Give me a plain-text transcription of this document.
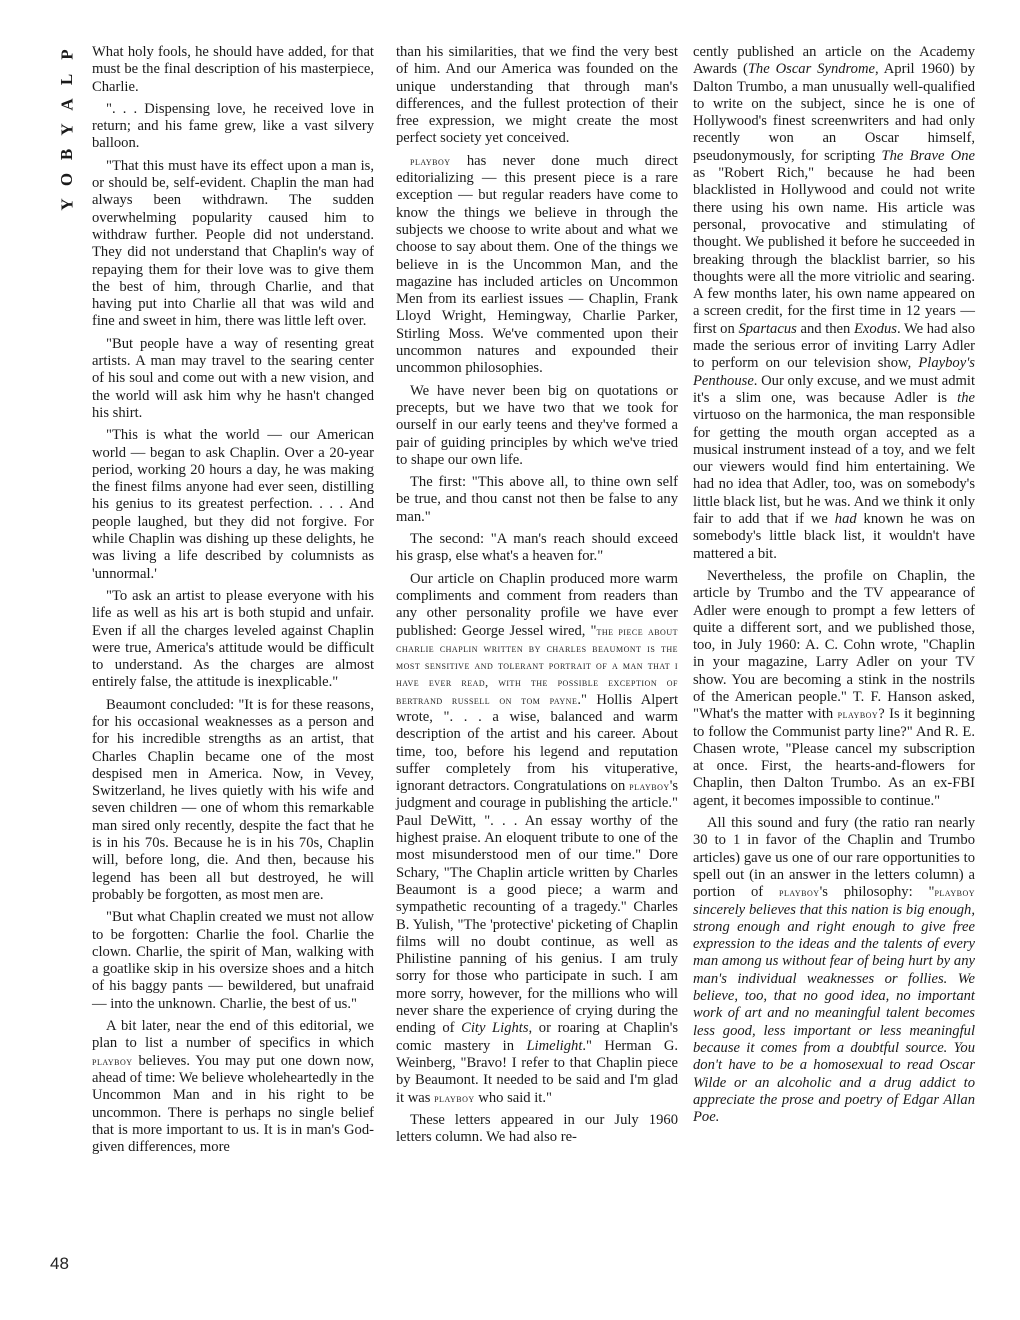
P
L
A
Y
B
O
Y
48

What holy fools, he should have added, for that must be the final description of his masterpiece, Charlie.

". . . Dispensing love, he received love in return; and his fame grew, like a vast silvery balloon.

"That this must have its effect upon a man is, or should be, self-evident. Chaplin the man had always been withdrawn. The sudden overwhelming popularity caused him to withdraw further. People did not understand. They did not understand that Chaplin's way of repaying them for their love was to give them the best of him, through Charlie, and that having put into Charlie all that was wild and fine and sweet in him, there was little left over.

"But people have a way of resenting great artists. A man may travel to the searing center of his soul and come out with a new vision, and the world will ask him why he hasn't changed his shirt.

"This is what the world — our American world — began to ask Chaplin. Over a 20-year period, working 20 hours a day, he was making the finest films anyone had ever seen, distilling his genius to its greatest perfection. . . . And people laughed, but they did not forgive. For while Chaplin was dishing up these delights, he was living a life described by columnists as 'unnormal.'

"To ask an artist to please everyone with his life as well as his art is both stupid and unfair. Even if all the charges leveled against Chaplin were true, America's attitude would be difficult to understand. As the charges are almost entirely false, the attitude is inexplicable."

Beaumont concluded: "It is for these reasons, for his occasional weaknesses as a person and for his incredible strengths as an artist, that Charles Chaplin became one of the most despised men in America. Now, in Vevey, Switzerland, he lives quietly with his wife and seven children — one of whom this remarkable man sired only recently, despite the fact that he is in his 70s. Because he is in his 70s, Chaplin will, before long, die. And then, because his legend has been all but destroyed, he will probably be forgotten, as most men are.

"But what Chaplin created we must not allow to be forgotten: Charlie the fool. Charlie the clown. Charlie, the spirit of Man, walking with a goatlike skip in his oversize shoes and a hitch of his baggy pants — bewildered, but unafraid — into the unknown. Charlie, the best of us."

A bit later, near the end of this editorial, we plan to list a number of specifics in which playboy believes. You may put one down now, ahead of time: We believe wholeheartedly in the Uncommon Man and in his right to be uncommon. There is perhaps no single belief that is more important to us. It is in man's God-given differences, more

than his similarities, that we find the very best of him. And our America was founded on the unique understanding that through man's differences, and the fullest protection of their free expression, we might create the most perfect society yet conceived.

playboy has never done much direct editorializing — this present piece is a rare exception — but regular readers have come to know the things we believe in through the subjects we choose to write about and what we choose to say about them. One of the things we believe in is the Uncommon Man, and the magazine has included articles on Uncommon Men from its earliest issues — Chaplin, Frank Lloyd Wright, Hemingway, Charlie Parker, Stirling Moss. We've commented upon their uncommon natures and expounded their uncommon philosophies.

We have never been big on quotations or precepts, but we have two that we took for ourself in our early teens and they've formed a pair of guiding principles by which we've tried to shape our own life.

The first: "This above all, to thine own self be true, and thou canst not then be false to any man."

The second: "A man's reach should exceed his grasp, else what's a heaven for."

Our article on Chaplin produced more warm compliments and comment from readers than any other personality profile we have ever published: George Jessel wired, "the piece about charlie chaplin written by charles beaumont is the most sensitive and tolerant portrait of a man that i have ever read, with the possible exception of bertrand russell on tom payne." Hollis Alpert wrote, ". . . a wise, balanced and warm description of the artist and his career. About time, too, before his legend and reputation suffer completely from his vituperative, ignorant detractors. Congratulations on playboy's judgment and courage in publishing the article." Paul DeWitt, ". . . An essay worthy of the highest praise. An eloquent tribute to one of the most misunderstood men of our time." Dore Schary, "The Chaplin article written by Charles Beaumont is a good piece; a warm and sympathetic recounting of a tragedy." Charles B. Yulish, "The 'protective' picketing of Chaplin films will no doubt continue, as well as Philistine panning of his genius. I am truly sorry for those who participate in such. I am more sorry, however, for the millions who will never share the experience of crying during the ending of City Lights, or roaring at Chaplin's comic mastery in Limelight." Herman G. Weinberg, "Bravo! I refer to that Chaplin piece by Beaumont. It needed to be said and I'm glad it was playboy who said it."

These letters appeared in our July 1960 letters column. We had also re-

cently published an article on the Academy Awards (The Oscar Syndrome, April 1960) by Dalton Trumbo, a man unusually well-qualified to write on the subject, since he is one of Hollywood's finest screenwriters and had only recently won an Oscar himself, pseudonymously, for scripting The Brave One as "Robert Rich," because he had been blacklisted in Hollywood and could not write there using his own name. His article was personal, provocative and stimulating of thought. We published it before he succeeded in breaking through the blacklist barrier, so his thoughts were all the more vitriolic and searing. A few months later, his own name appeared on a screen credit, for the first time in 12 years — first on Spartacus and then Exodus. We had also made the serious error of inviting Larry Adler to perform on our television show, Playboy's Penthouse. Our only excuse, and we must admit it's a slim one, was because Adler is the virtuoso on the harmonica, the man responsible for getting the mouth organ accepted as a musical instrument instead of a toy, and we felt our viewers would find him entertaining. We had no idea that Adler, too, was on somebody's little black list, but he was. And we think it only fair to add that if we had known he was on somebody's little black list, it wouldn't have mattered a bit.

Nevertheless, the profile on Chaplin, the article by Trumbo and the TV appearance of Adler were enough to prompt a few letters of quite a different sort, and we published those, too, in July 1960: A. C. Cohn wrote, "Chaplin in your magazine, Larry Adler on your TV show. You are becoming a stink in the nostrils of the American people." T. F. Hanson asked, "What's the matter with playboy? Is it beginning to follow the Communist party line?" And R. E. Chasen wrote, "Please cancel my subscription at once. First, the hearts-and-flowers for Chaplin, then Dalton Trumbo. As an ex-FBI agent, it becomes impossible to continue."

All this sound and fury (the ratio ran nearly 30 to 1 in favor of the Chaplin and Trumbo articles) gave us one of our rare opportunities to spell out (in an answer in the letters column) a portion of playboy's philosophy: "playboy sincerely believes that this nation is big enough, strong enough and right enough to give free expression to the ideas and the talents of every man among us without fear of being hurt by any man's individual weaknesses or follies. We believe, too, that no good idea, no important work of art and no meaningful talent becomes less good, less important or less meaningful because it comes from a doubtful source. You don't have to be a homosexual to read Oscar Wilde or an alcoholic and a drug addict to appreciate the prose and poetry of Edgar Allan Poe.
